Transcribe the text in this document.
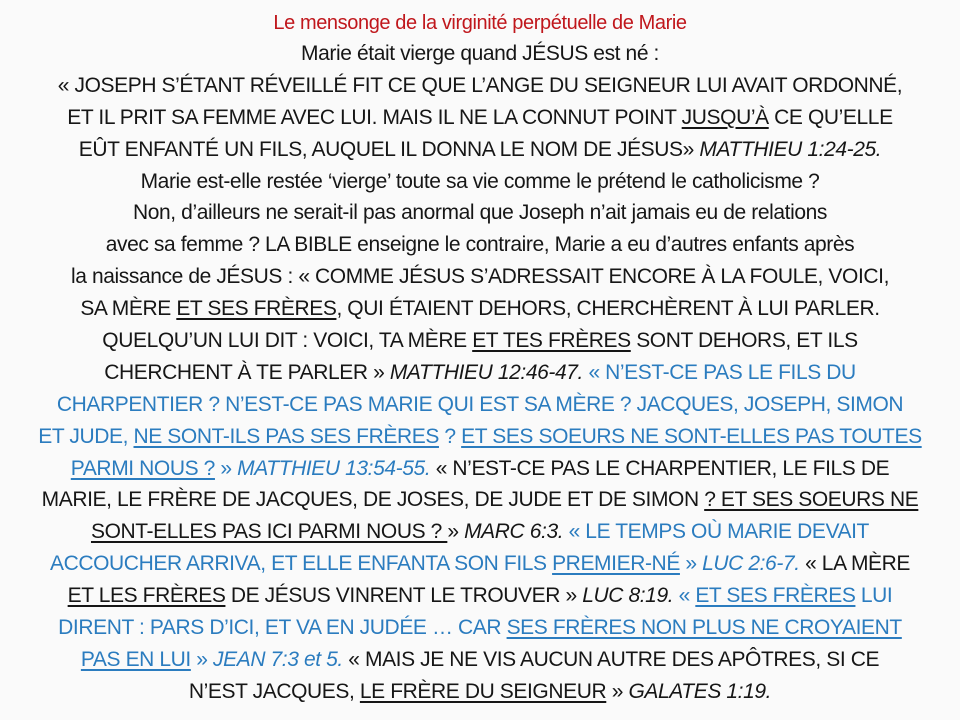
Le mensonge de la virginité perpétuelle de Marie
Marie était vierge quand JÉSUS est né :
« JOSEPH S’ÉTANT RÉVEILLÉ FIT CE QUE L’ANGE DU SEIGNEUR LUI AVAIT ORDONNÉ,
ET IL PRIT SA FEMME AVEC LUI. MAIS IL NE LA CONNUT POINT JUSQU’À CE QU’ELLE
EÛT ENFANTÉ UN FILS, AUQUEL IL DONNA LE NOM DE JÉSUS» MATTHIEU 1:24-25.
Marie est-elle restée ‘vierge’ toute sa vie comme le prétend le catholicisme ?
Non, d’ailleurs ne serait-il pas anormal que Joseph n’ait jamais eu de relations
avec sa femme ? LA BIBLE enseigne le contraire, Marie a eu d’autres enfants après
la naissance de JÉSUS : « COMME JÉSUS S’ADRESSAIT ENCORE À LA FOULE, VOICI,
SA MÈRE ET SES FRÈRES, QUI ÉTAIENT DEHORS, CHERCHÈRENT À LUI PARLER.
QUELQU’UN LUI DIT : VOICI, TA MÈRE ET TES FRÈRES SONT DEHORS, ET ILS
CHERCHENT À TE PARLER » MATTHIEU 12:46-47. « N’EST-CE PAS LE FILS DU
CHARPENTIER ? N’EST-CE PAS MARIE QUI EST SA MÈRE ? JACQUES, JOSEPH, SIMON
ET JUDE, NE SONT-ILS PAS SES FRÈRES ? ET SES SOEURS NE SONT-ELLES PAS TOUTES
PARMI NOUS ? » MATTHIEU 13:54-55. « N’EST-CE PAS LE CHARPENTIER, LE FILS DE
MARIE, LE FRÈRE DE JACQUES, DE JOSES, DE JUDE ET DE SIMON ? ET SES SOEURS NE
SONT-ELLES PAS ICI PARMI NOUS ? » MARC 6:3. « LE TEMPS OÙ MARIE DEVAIT
ACCOUCHER ARRIVA, ET ELLE ENFANTA SON FILS PREMIER-NÉ » LUC 2:6-7. « LA MÈRE
ET LES FRÈRES DE JÉSUS VINRENT LE TROUVER » LUC 8:19. « ET SES FRÈRES LUI
DIRENT : PARS D’ICI, ET VA EN JUDÉE … CAR SES FRÈRES NON PLUS NE CROYAIENT
PAS EN LUI » JEAN 7:3 et 5. « MAIS JE NE VIS AUCUN AUTRE DES APÔTRES, SI CE
N’EST JACQUES, LE FRÈRE DU SEIGNEUR » GALATES 1:19.
